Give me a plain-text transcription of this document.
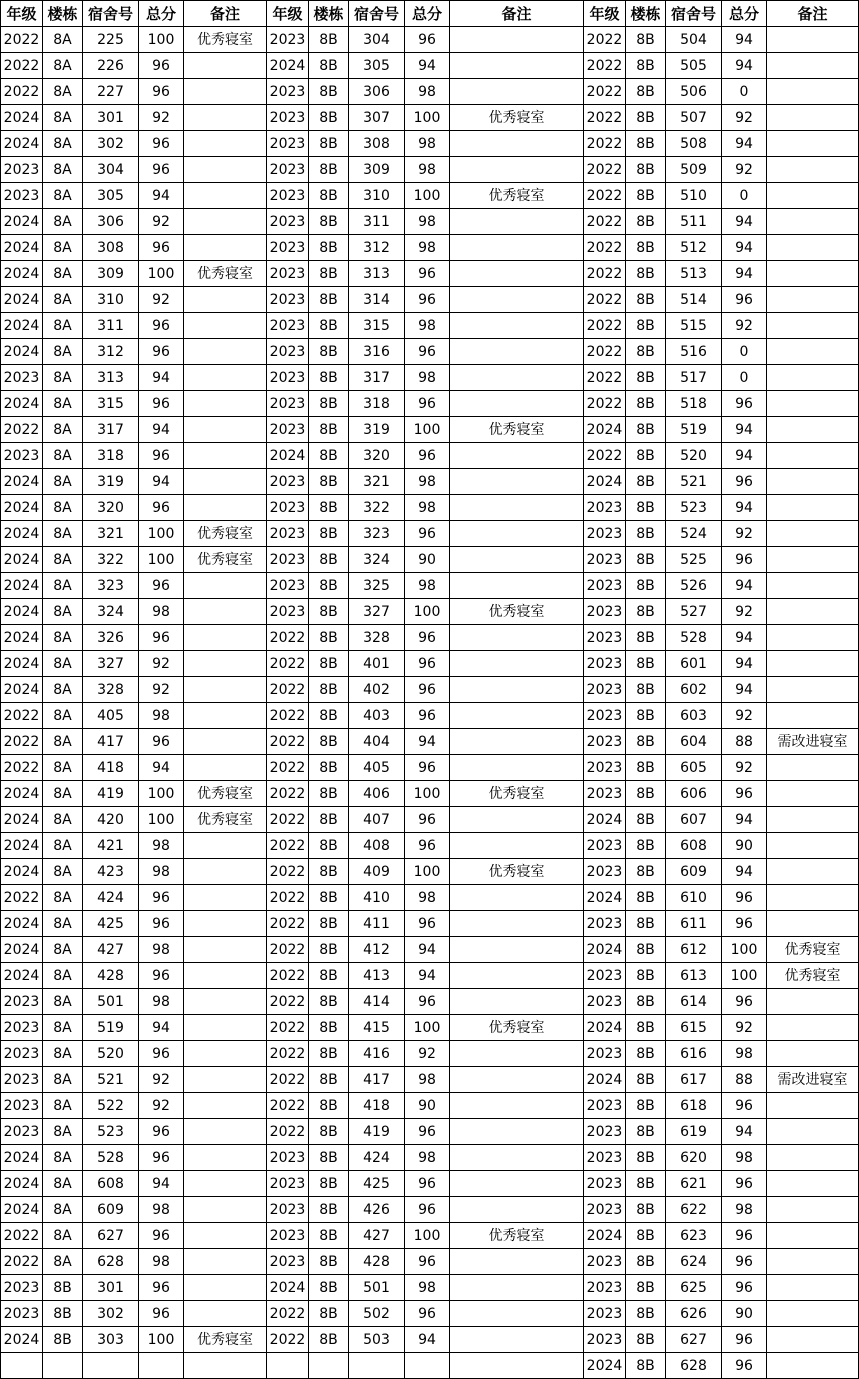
年级	楼栋	宿舍号	总分	备注	年级	楼栋	宿舍号	总分	备注	年级	楼栋	宿舍号	总分	备注
2022	8A	225	100	优秀寝室	2023	8B	304	96		2022	8B	504	94	
2022	8A	226	96		2024	8B	305	94		2022	8B	505	94	
2022	8A	227	96		2023	8B	306	98		2022	8B	506	0	
2024	8A	301	92		2023	8B	307	100	优秀寝室	2022	8B	507	92	
2024	8A	302	96		2023	8B	308	98		2022	8B	508	94	
2023	8A	304	96		2023	8B	309	98		2022	8B	509	92	
2023	8A	305	94		2023	8B	310	100	优秀寝室	2022	8B	510	0	
2024	8A	306	92		2023	8B	311	98		2022	8B	511	94	
2024	8A	308	96		2023	8B	312	98		2022	8B	512	94	
2024	8A	309	100	优秀寝室	2023	8B	313	96		2022	8B	513	94	
2024	8A	310	92		2023	8B	314	96		2022	8B	514	96	
2024	8A	311	96		2023	8B	315	98		2022	8B	515	92	
2024	8A	312	96		2023	8B	316	96		2022	8B	516	0	
2023	8A	313	94		2023	8B	317	98		2022	8B	517	0	
2024	8A	315	96		2023	8B	318	96		2022	8B	518	96	
2022	8A	317	94		2023	8B	319	100	优秀寝室	2024	8B	519	94	
2023	8A	318	96		2024	8B	320	96		2022	8B	520	94	
2024	8A	319	94		2023	8B	321	98		2024	8B	521	96	
2024	8A	320	96		2023	8B	322	98		2023	8B	523	94	
2024	8A	321	100	优秀寝室	2023	8B	323	96		2023	8B	524	92	
2024	8A	322	100	优秀寝室	2023	8B	324	90		2023	8B	525	96	
2024	8A	323	96		2023	8B	325	98		2023	8B	526	94	
2024	8A	324	98		2023	8B	327	100	优秀寝室	2023	8B	527	92	
2024	8A	326	96		2022	8B	328	96		2023	8B	528	94	
2024	8A	327	92		2022	8B	401	96		2023	8B	601	94	
2024	8A	328	92		2022	8B	402	96		2023	8B	602	94	
2022	8A	405	98		2022	8B	403	96		2023	8B	603	92	
2022	8A	417	96		2022	8B	404	94		2023	8B	604	88	需改进寝室
2022	8A	418	94		2022	8B	405	96		2023	8B	605	92	
2024	8A	419	100	优秀寝室	2022	8B	406	100	优秀寝室	2023	8B	606	96	
2024	8A	420	100	优秀寝室	2022	8B	407	96		2024	8B	607	94	
2024	8A	421	98		2022	8B	408	96		2023	8B	608	90	
2024	8A	423	98		2022	8B	409	100	优秀寝室	2023	8B	609	94	
2022	8A	424	96		2022	8B	410	98		2024	8B	610	96	
2024	8A	425	96		2022	8B	411	96		2023	8B	611	96	
2024	8A	427	98		2022	8B	412	94		2024	8B	612	100	优秀寝室
2024	8A	428	96		2022	8B	413	94		2023	8B	613	100	优秀寝室
2023	8A	501	98		2022	8B	414	96		2023	8B	614	96	
2023	8A	519	94		2022	8B	415	100	优秀寝室	2024	8B	615	92	
2023	8A	520	96		2022	8B	416	92		2023	8B	616	98	
2023	8A	521	92		2022	8B	417	98		2024	8B	617	88	需改进寝室
2023	8A	522	92		2022	8B	418	90		2023	8B	618	96	
2023	8A	523	96		2022	8B	419	96		2023	8B	619	94	
2024	8A	528	96		2023	8B	424	98		2023	8B	620	98	
2024	8A	608	94		2023	8B	425	96		2023	8B	621	96	
2024	8A	609	98		2023	8B	426	96		2023	8B	622	98	
2022	8A	627	96		2023	8B	427	100	优秀寝室	2024	8B	623	96	
2022	8A	628	98		2023	8B	428	96		2023	8B	624	96	
2023	8B	301	96		2024	8B	501	98		2023	8B	625	96	
2023	8B	302	96		2022	8B	502	96		2023	8B	626	90	
2024	8B	303	100	优秀寝室	2022	8B	503	94		2023	8B	627	96	
										2024	8B	628	96	
